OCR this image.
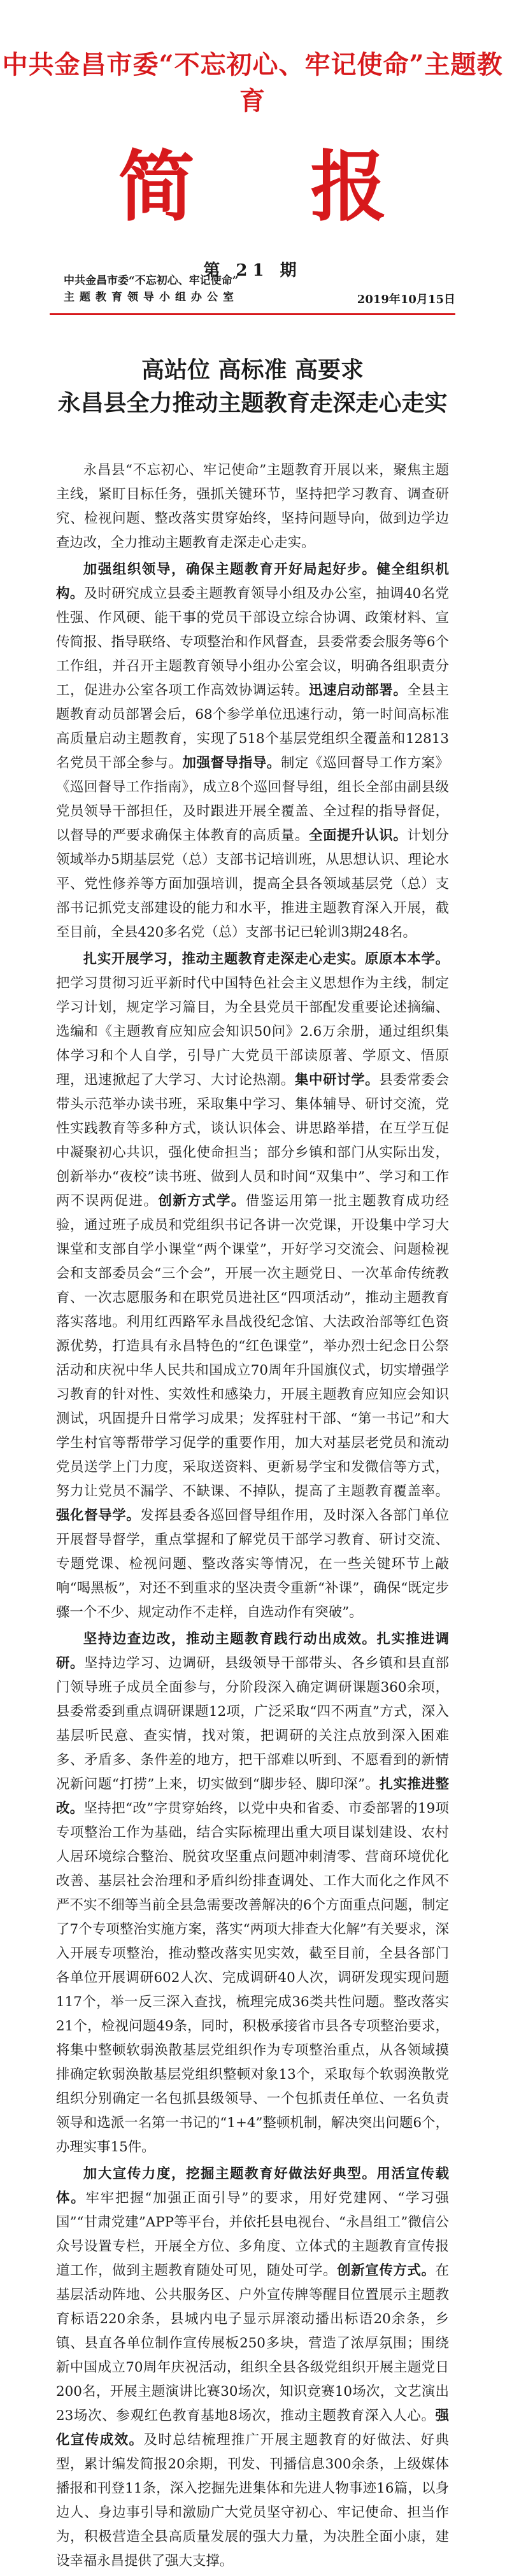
中共金昌市委“不忘初心、牢记使命”主题教育
简 报
第 21 期
中共金昌市委“不忘初心、牢记使命”
主题教育领导小组办公室	2019年10月15日
高站位 高标准 高要求
永昌县全力推动主题教育走深走心走实

永昌县“不忘初心、牢记使命”主题教育开展以来，聚焦主题主线，紧盯目标任务，强抓关键环节，坚持把学习教育、调查研究、检视问题、整改落实贯穿始终，坚持问题导向，做到边学边查边改，全力推动主题教育走深走心走实。

加强组织领导，确保主题教育开好局起好步。健全组织机构。及时研究成立县委主题教育领导小组及办公室，抽调40名党性强、作风硬、能干事的党员干部设立综合协调、政策材料、宣传简报、指导联络、专项整治和作风督查，县委常委会服务等6个工作组，并召开主题教育领导小组办公室会议，明确各组职责分工，促进办公室各项工作高效协调运转。迅速启动部署。全县主题教育动员部署会后，68个参学单位迅速行动，第一时间高标准高质量启动主题教育，实现了518个基层党组织全覆盖和12813名党员干部全参与。加强督导指导。制定《巡回督导工作方案》《巡回督导工作指南》，成立8个巡回督导组，组长全部由副县级党员领导干部担任，及时跟进开展全覆盖、全过程的指导督促，以督导的严要求确保主体教育的高质量。全面提升认识。计划分领域举办5期基层党（总）支部书记培训班，从思想认识、理论水平、党性修养等方面加强培训，提高全县各领域基层党（总）支部书记抓党支部建设的能力和水平，推进主题教育深入开展，截至目前，全县420多名党（总）支部书记已轮训3期248名。

扎实开展学习，推动主题教育走深走心走实。原原本本学。把学习贯彻习近平新时代中国特色社会主义思想作为主线，制定学习计划，规定学习篇目，为全县党员干部配发重要论述摘编、选编和《主题教育应知应会知识50问》2.6万余册，通过组织集体学习和个人自学，引导广大党员干部读原著、学原文、悟原理，迅速掀起了大学习、大讨论热潮。集中研讨学。县委常委会带头示范举办读书班，采取集中学习、集体辅导、研讨交流，党性实践教育等多种方式，谈认识体会、讲思路举措，在互学互促中凝聚初心共识，强化使命担当；部分乡镇和部门从实际出发，创新举办“夜校”读书班、做到人员和时间“双集中”、学习和工作两不误两促进。创新方式学。借鉴运用第一批主题教育成功经验，通过班子成员和党组织书记各讲一次党课，开设集中学习大课堂和支部自学小课堂“两个课堂”，开好学习交流会、问题检视会和支部委员会“三个会”，开展一次主题党日、一次革命传统教育、一次志愿服务和在职党员进社区“四项活动”，推动主题教育落实落地。利用红西路军永昌战役纪念馆、大法政治部等红色资源优势，打造具有永昌特色的“红色课堂”，举办烈士纪念日公祭活动和庆祝中华人民共和国成立70周年升国旗仪式，切实增强学习教育的针对性、实效性和感染力，开展主题教育应知应会知识测试，巩固提升日常学习成果；发挥驻村干部、“第一书记”和大学生村官等帮带学习促学的重要作用，加大对基层老党员和流动党员送学上门力度，采取送资料、更新易学宝和发微信等方式，努力让党员不漏学、不缺课、不掉队，提高了主题教育覆盖率。强化督导学。发挥县委各巡回督导组作用，及时深入各部门单位开展督导督学，重点掌握和了解党员干部学习教育、研讨交流、专题党课、检视问题、整改落实等情况，在一些关键环节上敲响“喝黑板”，对还不到重求的坚决责令重新“补课”，确保“既定步骤一个不少、规定动作不走样，自选动作有突破”。

坚持边查边改，推动主题教育践行动出成效。扎实推进调研。坚持边学习、边调研，县级领导干部带头、各乡镇和县直部门领导班子成员全面参与，分阶段深入确定调研课题360余项，县委常委到重点调研课题12项，广泛采取“四不两直”方式，深入基层听民意、查实情，找对策，把调研的关注点放到深入困难多、矛盾多、条件差的地方，把干部难以听到、不愿看到的新情况新问题“打捞”上来，切实做到“脚步轻、脚印深”。扎实推进整改。坚持把“改”字贯穿始终，以党中央和省委、市委部署的19项专项整治工作为基础，结合实际梳理出重大项目谋划建设、农村人居环境综合整治、脱贫攻坚重点问题冲刺清零、营商环境优化改善、基层社会治理和矛盾纠纷排查调处、工作大而化之作风不严不实不细等当前全县急需要改善解决的6个方面重点问题，制定了7个专项整治实施方案，落实“两项大排查大化解”有关要求，深入开展专项整治，推动整改落实见实效，截至目前，全县各部门各单位开展调研602人次、完成调研40人次，调研发现实现问题117个，举一反三深入查找，梳理完成36类共性问题。整改落实21个，检视问题49条，同时，积极承接省市县各专项整治要求，将集中整顿软弱涣散基层党组织作为专项整治重点，从各领域摸排确定软弱涣散基层党组织整顿对象13个，采取每个软弱涣散党组织分别确定一名包抓县级领导、一个包抓责任单位、一名负责领导和选派一名第一书记的“1+4”整顿机制，解决突出问题6个，办理实事15件。

加大宣传力度，挖掘主题教育好做法好典型。用活宣传载体。牢牢把握“加强正面引导”的要求，用好党建网、“学习强国”“甘肃党建”APP等平台，并依托县电视台、“永昌组工”微信公众号设置专栏，开展全方位、多角度、立体式的主题教育宣传报道工作，做到主题教育随处可见，随处可学。创新宣传方式。在基层活动阵地、公共服务区、户外宣传牌等醒目位置展示主题教育标语220余条，县城内电子显示屏滚动播出标语20余条，乡镇、县直各单位制作宣传展板250多块，营造了浓厚氛围；围绕新中国成立70周年庆祝活动，组织全县各级党组织开展主题党日200名，开展主题演讲比赛30场次，知识竞赛10场次，文艺演出23场次、参观红色教育基地8场次，推动主题教育深入人心。强化宣传成效。及时总结梳理推广开展主题教育的好做法、好典型，累计编发简报20余期，刊发、刊播信息300余条，上级媒体播报和刊登11条，深入挖掘先进集体和先进人物事迹16篇，以身边人、身边事引导和激励广大党员坚守初心、牢记使命、担当作为，积极营造全县高质量发展的强大力量，为决胜全面小康，建设幸福永昌提供了强大支撑。
